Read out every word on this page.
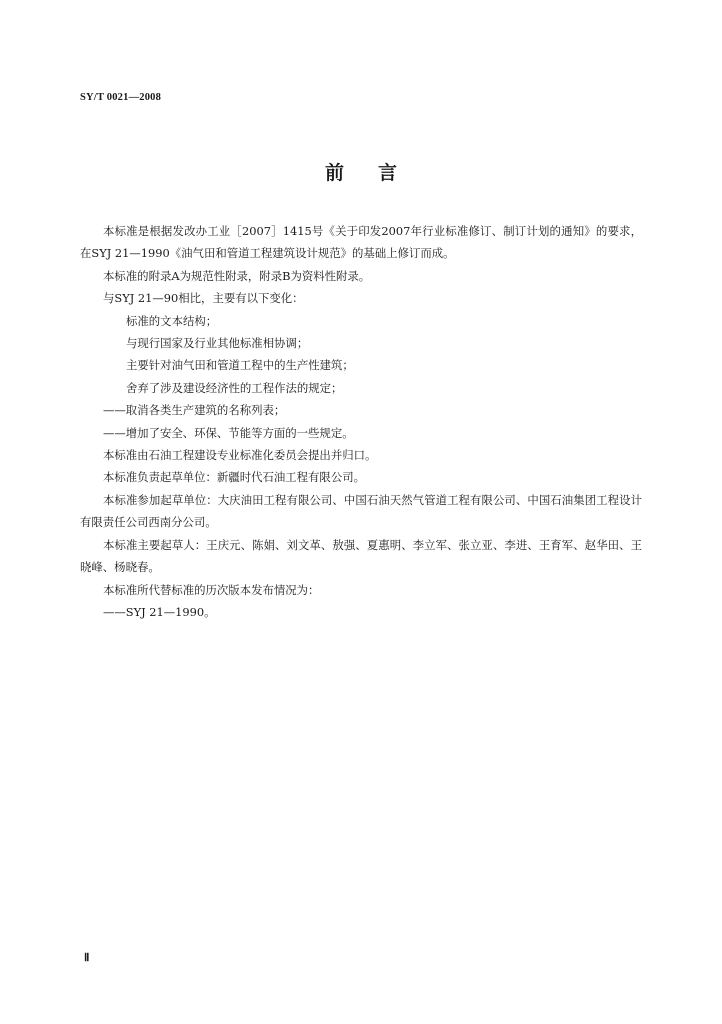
SY/T 0021—2008
前言

本标准是根据发改办工业［2007］1415号《关于印发2007年行业标准修订、制订计划的通知》的要求，在SYJ 21—1990《油气田和管道工程建筑设计规范》的基础上修订而成。

本标准的附录A为规范性附录，附录B为资料性附录。

与SYJ 21—90相比，主要有以下变化：

标准的文本结构；

与现行国家及行业其他标准相协调；

主要针对油气田和管道工程中的生产性建筑；

舍弃了涉及建设经济性的工程作法的规定；

——取消各类生产建筑的名称列表；

——增加了安全、环保、节能等方面的一些规定。

本标准由石油工程建设专业标准化委员会提出并归口。

本标准负责起草单位：新疆时代石油工程有限公司。

本标准参加起草单位：大庆油田工程有限公司、中国石油天然气管道工程有限公司、中国石油集团工程设计有限责任公司西南分公司。

本标准主要起草人：王庆元、陈娟、刘文革、敖强、夏惠明、李立军、张立亚、李进、王育军、赵华田、王晓峰、杨晓春。

本标准所代替标准的历次版本发布情况为：

——SYJ 21—1990。

Ⅱ
